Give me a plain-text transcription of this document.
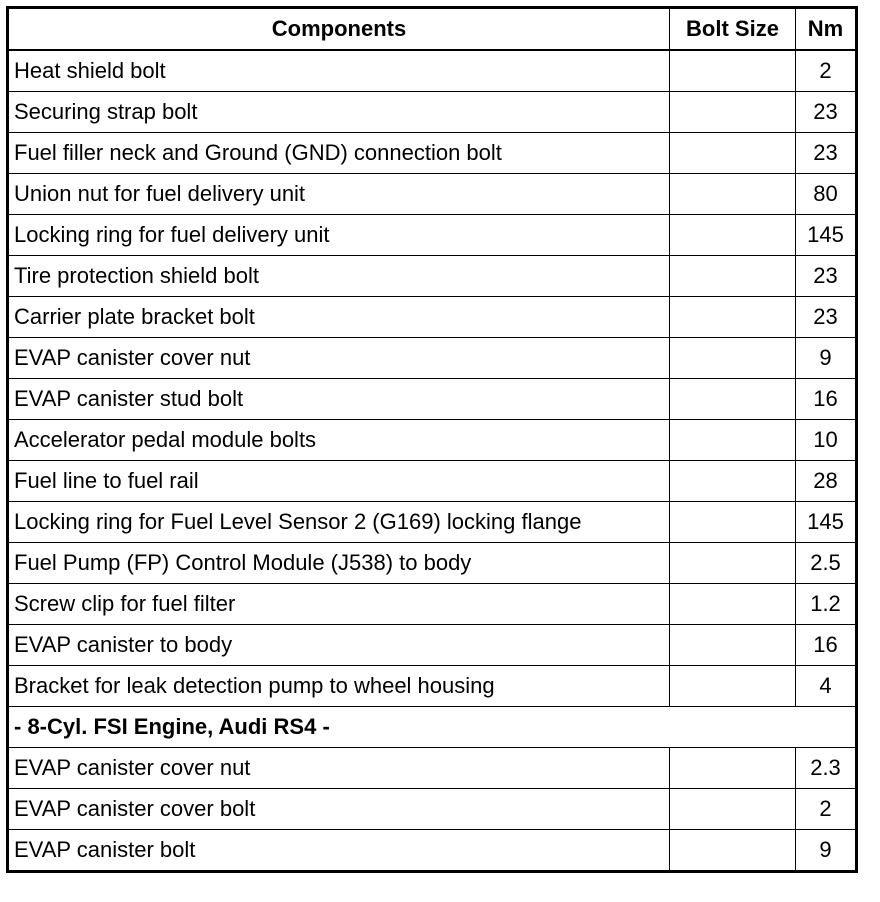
Components	Bolt Size	Nm
Heat shield bolt		2
Securing strap bolt		23
Fuel filler neck and Ground (GND) connection bolt		23
Union nut for fuel delivery unit		80
Locking ring for fuel delivery unit		145
Tire protection shield bolt		23
Carrier plate bracket bolt		23
EVAP canister cover nut		9
EVAP canister stud bolt		16
Accelerator pedal module bolts		10
Fuel line to fuel rail		28
Locking ring for Fuel Level Sensor 2 (G169) locking flange		145
Fuel Pump (FP) Control Module (J538) to body		2.5
Screw clip for fuel filter		1.2
EVAP canister to body		16
Bracket for leak detection pump to wheel housing		4
- 8-Cyl. FSI Engine, Audi RS4 -		
EVAP canister cover nut		2.3
EVAP canister cover bolt		2
EVAP canister bolt		9
